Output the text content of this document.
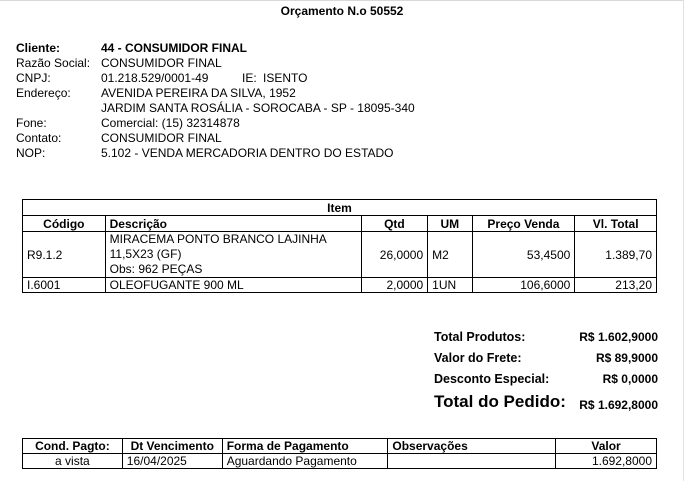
Orçamento N.o 50552
Cliente:	44 - CONSUMIDOR FINAL
Razão Social: CONSUMIDOR FINAL
CNPJ:	01.218.529/0001-49	IE: ISENTO
Endereço:	AVENIDA PEREIRA DA SILVA, 1952
JARDIM SANTA ROSÁLIA - SOROCABA - SP - 18095-340
Fone:	Comercial: (15) 32314878
Contato:	CONSUMIDOR FINAL
NOP:	5.102 - VENDA MERCADORIA DENTRO DO ESTADO
Item					
Código	Descrição	Qtd	UM	Preço Venda	Vl. Total
R9.1.2	MIRACEMA PONTO BRANCO LAJINHA
11,5X23 (GF)
Obs: 962 PEÇAS	26,0000	M2	53,4500	1.389,70
I.6001	OLEOFUGANTE 900 ML	2,0000	1UN	106,6000	213,20
Total Produtos:	R$ 1.602,9000
Valor do Frete:	R$ 89,9000
Desconto Especial:	R$ 0,0000
Total do Pedido: R$ 1.692,8000
Cond. Pagto:	Dt Vencimento	Forma de Pagamento	Observações	Valor
a vista	16/04/2025	Aguardando Pagamento		1.692,8000
